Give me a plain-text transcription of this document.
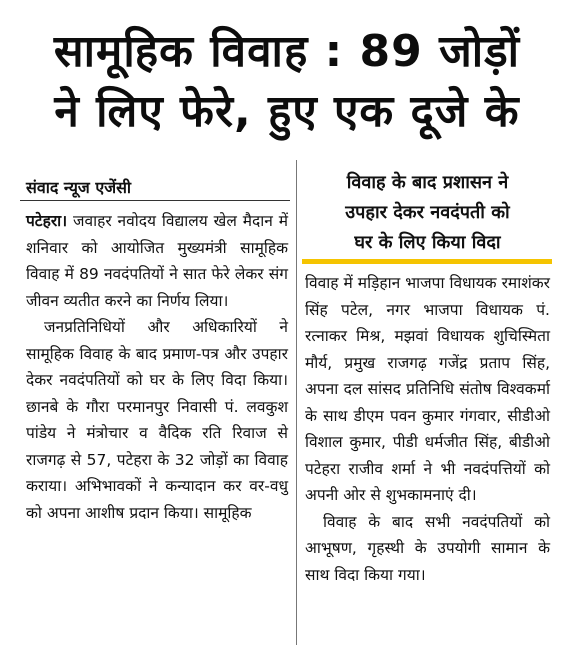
सामूहिक विवाह : 89 जोड़ों
ने लिए फेरे, हुए एक दूजे के
संवाद न्यूज एजेंसी

पटेहरा। जवाहर नवोदय विद्यालय खेल मैदान में शनिवार को आयोजित मुख्यमंत्री सामूहिक विवाह में 89 नवदंपतियों ने सात फेरे लेकर संग जीवन व्यतीत करने का निर्णय लिया।

जनप्रतिनिधियों और अधिकारियों ने सामूहिक विवाह के बाद प्रमाण-पत्र और उपहार देकर नवदंपतियों को घर के लिए विदा किया। छानबे के गौरा परमानपुर निवासी पं. लवकुश पांडेय ने मंत्रोचार व वैदिक रति रिवाज से राजगढ़ से 57, पटेहरा के 32 जोड़ों का विवाह कराया। अभिभावकों ने कन्यादान कर वर-वधु को अपना आशीष प्रदान किया। सामूहिक

विवाह के बाद प्रशासन ने
उपहार देकर नवदंपती को
घर के लिए किया विदा

विवाह में मड़िहान भाजपा विधायक रमाशंकर सिंह पटेल, नगर भाजपा विधायक पं. रत्नाकर मिश्र, मझवां विधायक शुचिस्मिता मौर्य, प्रमुख राजगढ़ गजेंद्र प्रताप सिंह, अपना दल सांसद प्रतिनिधि संतोष विश्वकर्मा के साथ डीएम पवन कुमार गंगवार, सीडीओ विशाल कुमार, पीडी धर्मजीत सिंह, बीडीओ पटेहरा राजीव शर्मा ने भी नवदंपत्तियों को अपनी ओर से शुभकामनाएं दी।

विवाह के बाद सभी नवदंपतियों को आभूषण, गृहस्थी के उपयोगी सामान के साथ विदा किया गया।
